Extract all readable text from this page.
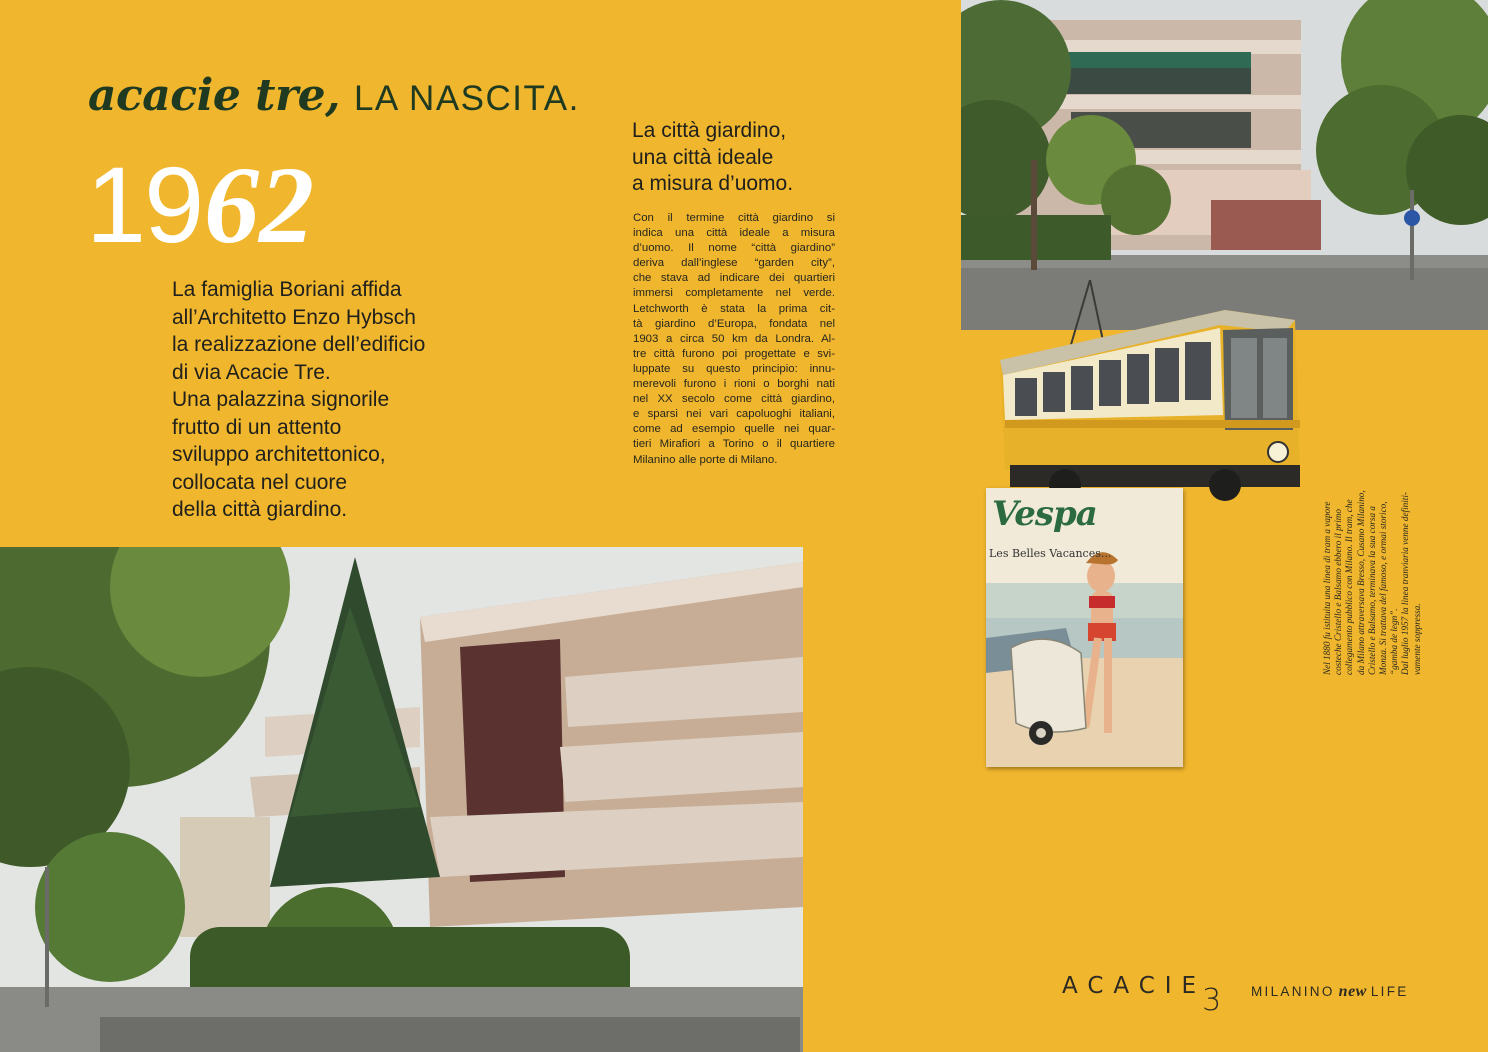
acacie tre, LA NASCITA.
1962
La famiglia Boriani affida
all’Architetto Enzo Hybsch
la realizzazione dell’edificio
di via Acacie Tre.
Una palazzina signorile
frutto di un attento
sviluppo architettonico,
collocata nel cuore
della città giardino.
La città giardino,
una città ideale
a misura d’uomo.
Con il termine città giardino si
indica una città ideale a misura
d’uomo. Il nome “città giardino”
deriva dall’inglese “garden city”,
che stava ad indicare dei quartieri
immersi completamente nel verde.
Letchworth è stata la prima cit-
tà giardino d’Europa, fondata nel
1903 a circa 50 km da Londra. Al-
tre città furono poi progettate e svi-
luppate su questo principio: innu-
merevoli furono i rioni o borghi nati
nel XX secolo come città giardino,
e sparsi nei vari capoluoghi italiani,
come ad esempio quelle nei quar-
tieri Mirafiori a Torino o il quartiere
Milanino alle porte di Milano.
Vespa
Les Belles Vacances...	Nel 1880 fu istituita una linea di tram a vapore costeche Cristello e Balsamo ebbero il primo collegamento pubblico con Milano. Il tram, che da Milano attraversava Bresso, Cusano Milanino, Cristello e Balsamo, terminava la sua corsa a Monza. Si trattava del famoso, e ormai storico, “gamba de legn”. Dal luglio 1957 la linea tranviaria venne definiti- vamente soppressa.
ACACIE
3 MILANINO new LIFE
